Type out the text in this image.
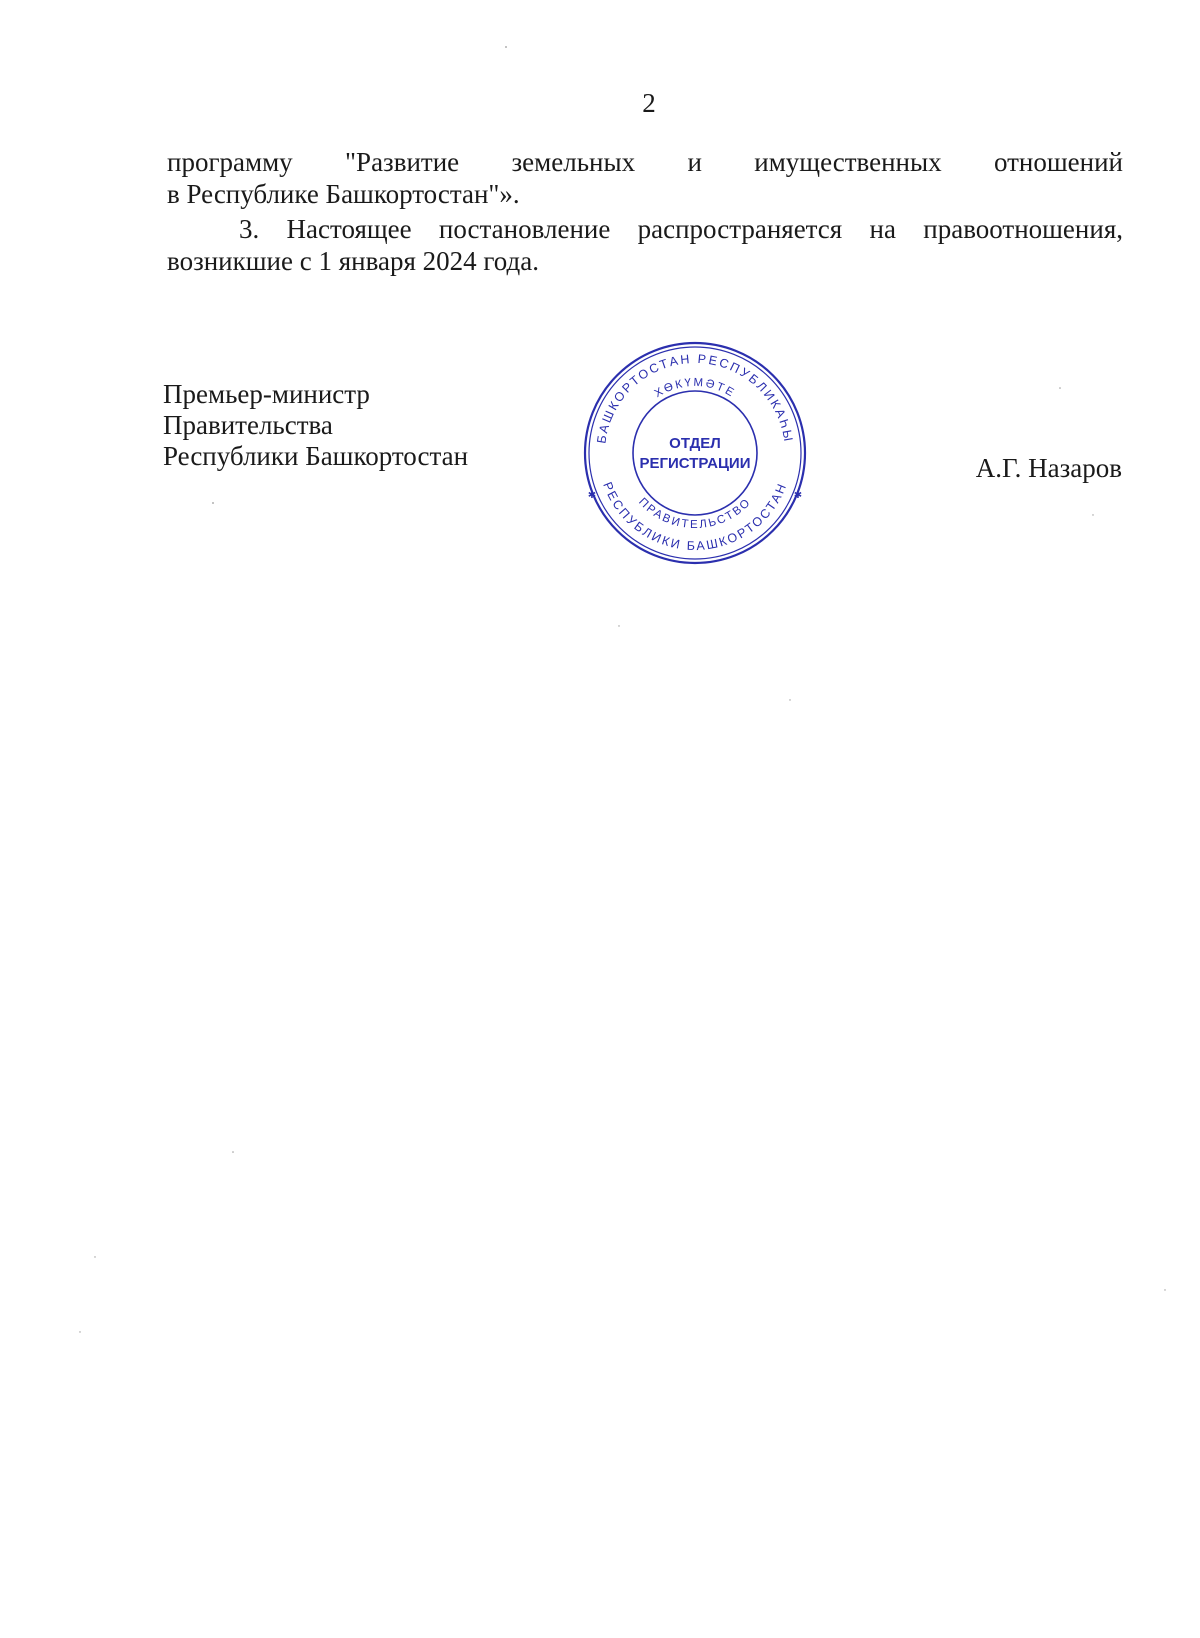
2
программу "Развитие земельных и имущественных отношений
в Республике Башкортостан"».
3. Настоящее постановление распространяется на правоотношения, возникшие с 1 января 2024 года.
Премьер-министр
Правительства
Республики Башкортостан	А.Г. Назаров
БАШКОРТОСТАН РЕСПУБЛИКАҺЫ
ХӨКҮМӘТЕ
РЕСПУБЛИКИ БАШКОРТОСТАН
ПРАВИТЕЛЬСТВО
ОТДЕЛ
РЕГИСТРАЦИИ
✱	✱
